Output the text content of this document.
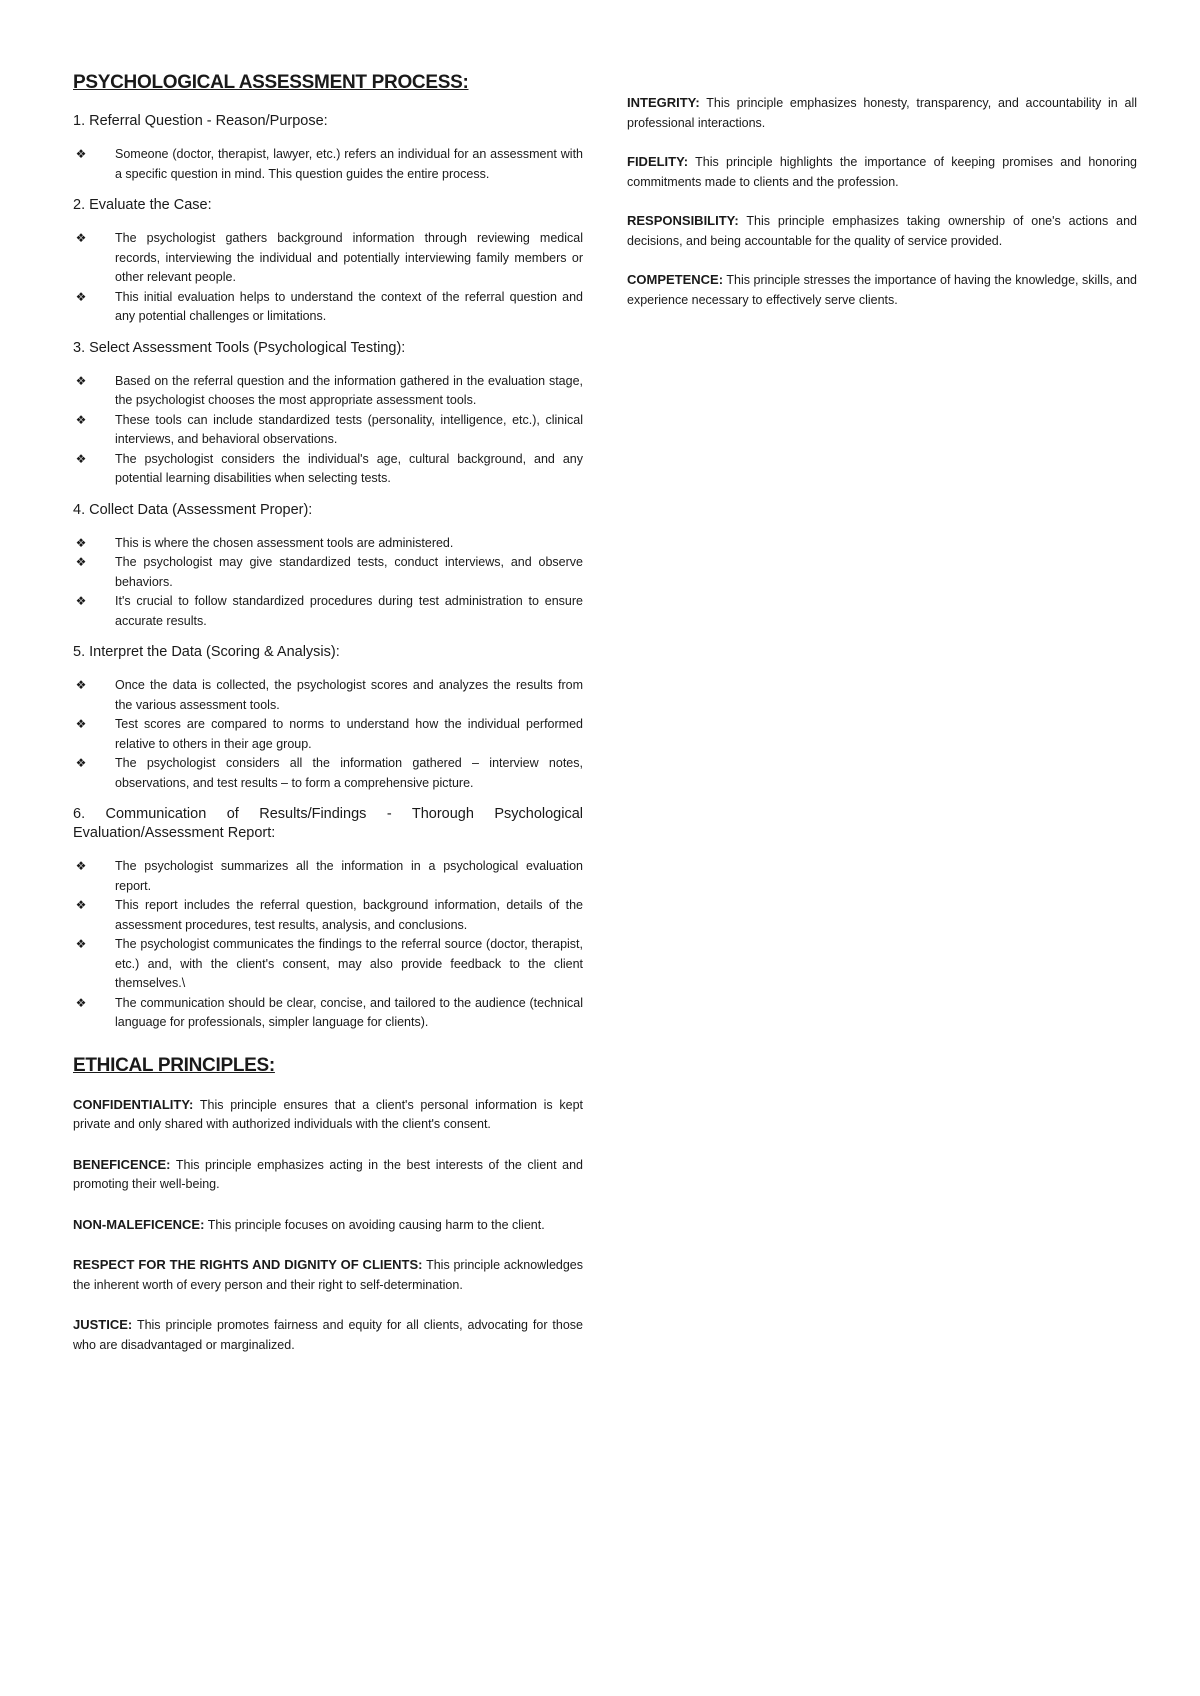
PSYCHOLOGICAL ASSESSMENT PROCESS:
1. Referral Question - Reason/Purpose:
❖ Someone (doctor, therapist, lawyer, etc.) refers an individual for an assessment with a specific question in mind. This question guides the entire process.
2. Evaluate the Case:
❖ The psychologist gathers background information through reviewing medical records, interviewing the individual and potentially interviewing family members or other relevant people.
❖ This initial evaluation helps to understand the context of the referral question and any potential challenges or limitations.
3. Select Assessment Tools (Psychological Testing):
❖ Based on the referral question and the information gathered in the evaluation stage, the psychologist chooses the most appropriate assessment tools.
❖ These tools can include standardized tests (personality, intelligence, etc.), clinical interviews, and behavioral observations.
❖ The psychologist considers the individual's age, cultural background, and any potential learning disabilities when selecting tests.
4. Collect Data (Assessment Proper):
❖ This is where the chosen assessment tools are administered.
❖ The psychologist may give standardized tests, conduct interviews, and observe behaviors.
❖ It's crucial to follow standardized procedures during test administration to ensure accurate results.
5. Interpret the Data (Scoring & Analysis):
❖ Once the data is collected, the psychologist scores and analyzes the results from the various assessment tools.
❖ Test scores are compared to norms to understand how the individual performed relative to others in their age group.
❖ The psychologist considers all the information gathered – interview notes, observations, and test results – to form a comprehensive picture.
6. Communication of Results/Findings - Thorough Psychological Evaluation/Assessment Report:
❖ The psychologist summarizes all the information in a psychological evaluation report.
❖ This report includes the referral question, background information, details of the assessment procedures, test results, analysis, and conclusions.
❖ The psychologist communicates the findings to the referral source (doctor, therapist, etc.) and, with the client's consent, may also provide feedback to the client themselves.\
❖ The communication should be clear, concise, and tailored to the audience (technical language for professionals, simpler language for clients).
ETHICAL PRINCIPLES:
CONFIDENTIALITY: This principle ensures that a client's personal information is kept private and only shared with authorized individuals with the client's consent.
BENEFICENCE: This principle emphasizes acting in the best interests of the client and promoting their well-being.
NON-MALEFICENCE: This principle focuses on avoiding causing harm to the client.
RESPECT FOR THE RIGHTS AND DIGNITY OF CLIENTS: This principle acknowledges the inherent worth of every person and their right to self-determination.
JUSTICE: This principle promotes fairness and equity for all clients, advocating for those who are disadvantaged or marginalized.
INTEGRITY: This principle emphasizes honesty, transparency, and accountability in all professional interactions.
FIDELITY: This principle highlights the importance of keeping promises and honoring commitments made to clients and the profession.
RESPONSIBILITY: This principle emphasizes taking ownership of one's actions and decisions, and being accountable for the quality of service provided.
COMPETENCE: This principle stresses the importance of having the knowledge, skills, and experience necessary to effectively serve clients.
